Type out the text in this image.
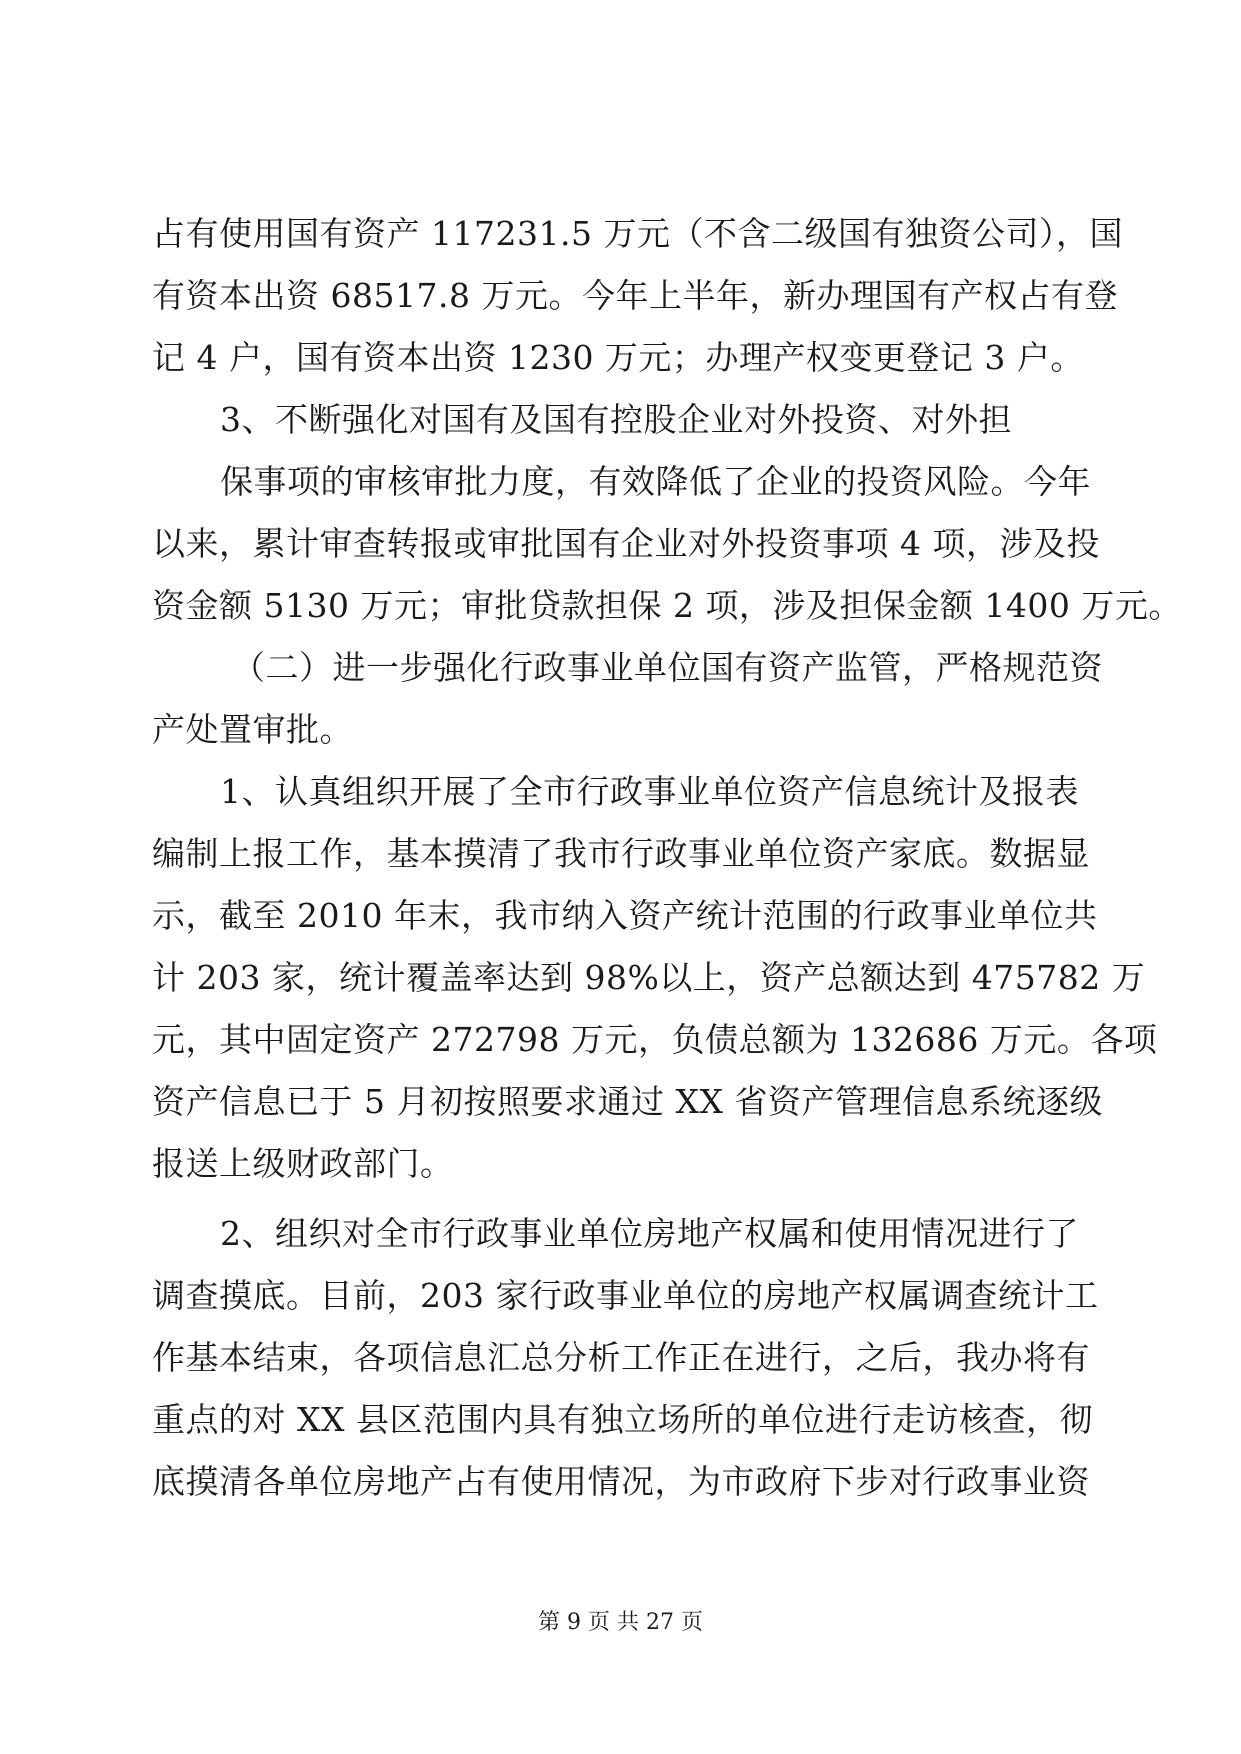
占有使用国有资产 117231.5 万元（不含二级国有独资公司），国
有资本出资 68517.8 万元。今年上半年，新办理国有产权占有登
记 4 户，国有资本出资 1230 万元；办理产权变更登记 3 户。
3、不断强化对国有及国有控股企业对外投资、对外担
保事项的审核审批力度，有效降低了企业的投资风险。今年
以来，累计审查转报或审批国有企业对外投资事项 4 项，涉及投
资金额 5130 万元；审批贷款担保 2 项，涉及担保金额 1400 万元。
（二）进一步强化行政事业单位国有资产监管，严格规范资
产处置审批。
1、认真组织开展了全市行政事业单位资产信息统计及报表
编制上报工作，基本摸清了我市行政事业单位资产家底。数据显
示，截至 2010 年末，我市纳入资产统计范围的行政事业单位共
计 203 家，统计覆盖率达到 98%以上，资产总额达到 475782 万
元，其中固定资产 272798 万元，负债总额为 132686 万元。各项
资产信息已于 5 月初按照要求通过 XX 省资产管理信息系统逐级
报送上级财政部门。
2、组织对全市行政事业单位房地产权属和使用情况进行了
调查摸底。目前，203 家行政事业单位的房地产权属调查统计工
作基本结束，各项信息汇总分析工作正在进行，之后，我办将有
重点的对 XX 县区范围内具有独立场所的单位进行走访核查，彻
底摸清各单位房地产占有使用情况，为市政府下步对行政事业资
第 9 页 共 27 页
